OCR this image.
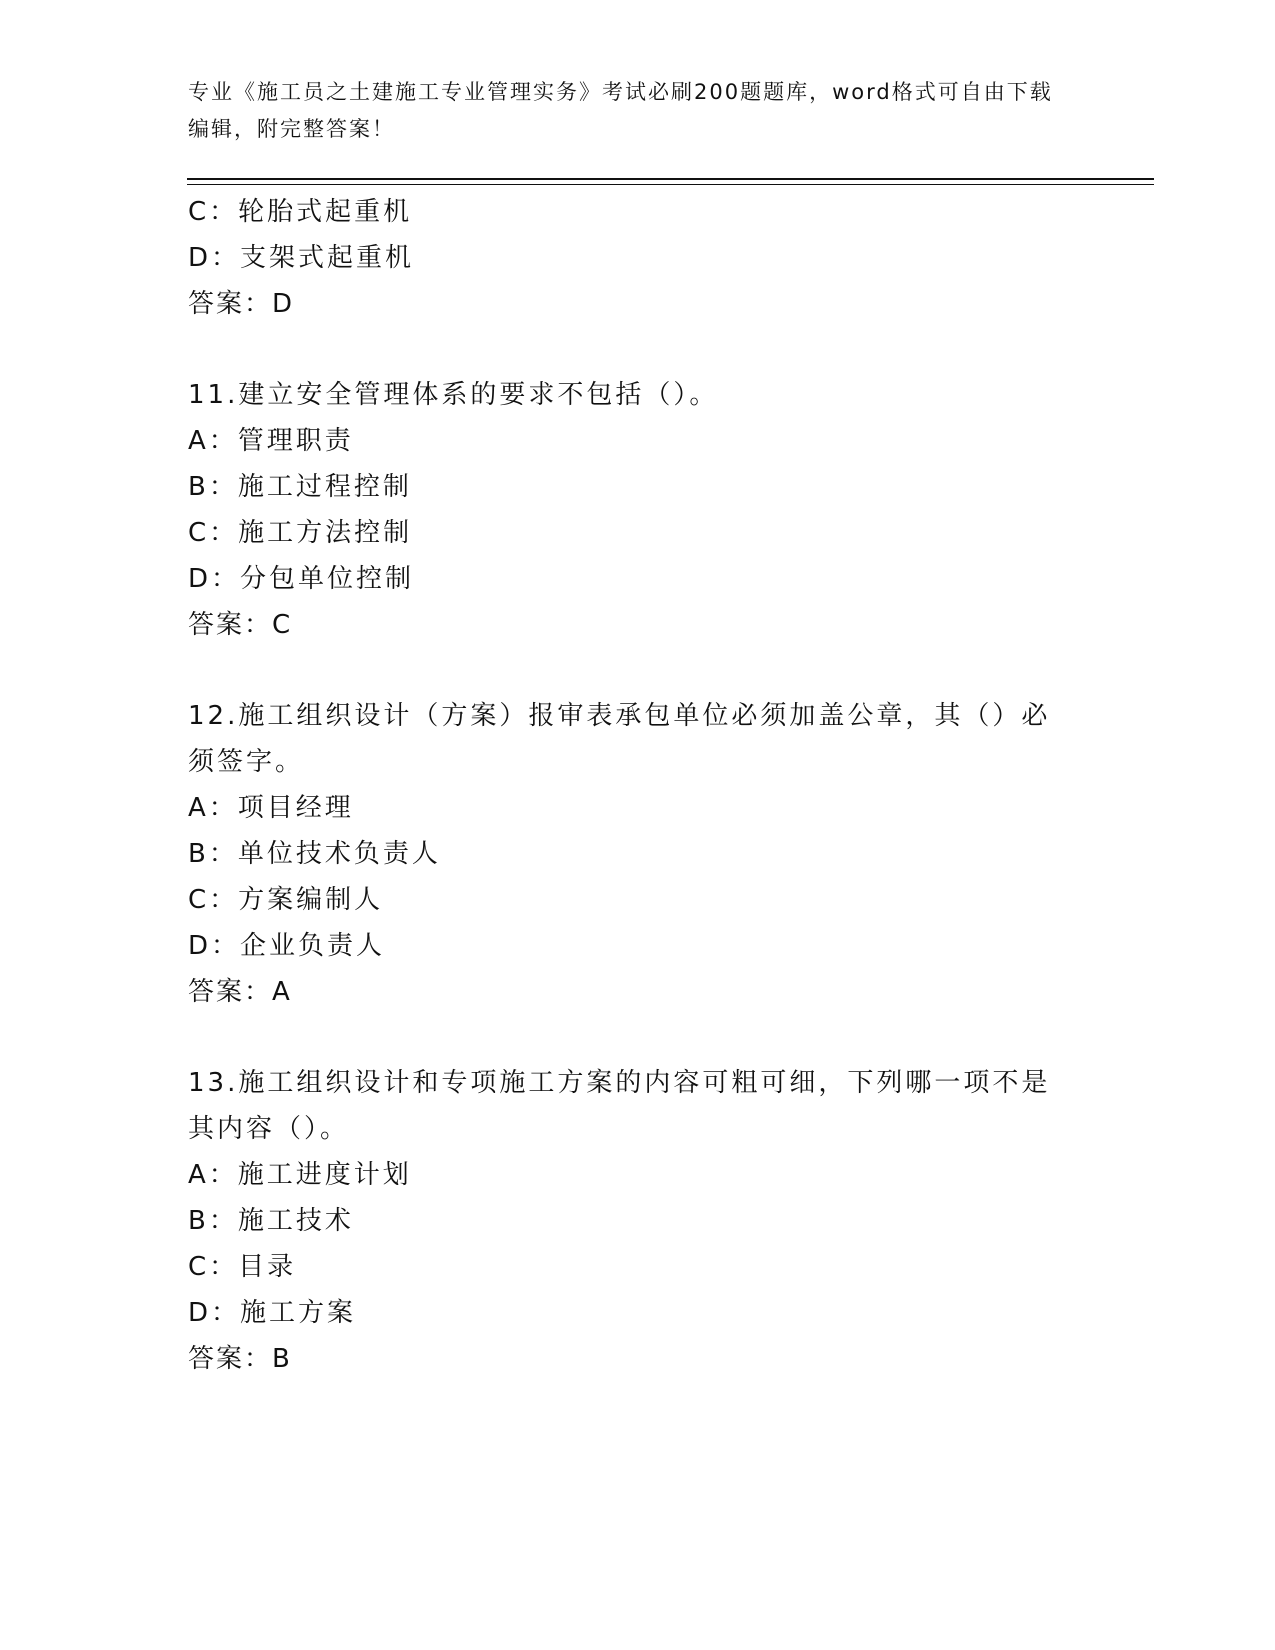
专业《施工员之土建施工专业管理实务》考试必刷200题题库，word格式可自由下载编辑，附完整答案！
C：轮胎式起重机
D：支架式起重机
答案：D
11.建立安全管理体系的要求不包括（）。
A：管理职责
B：施工过程控制
C：施工方法控制
D：分包单位控制
答案：C
12.施工组织设计（方案）报审表承包单位必须加盖公章，其（）必须签字。
A：项目经理
B：单位技术负责人
C：方案编制人
D：企业负责人
答案：A
13.施工组织设计和专项施工方案的内容可粗可细，下列哪一项不是其内容（）。
A：施工进度计划
B：施工技术
C：目录
D：施工方案
答案：B
